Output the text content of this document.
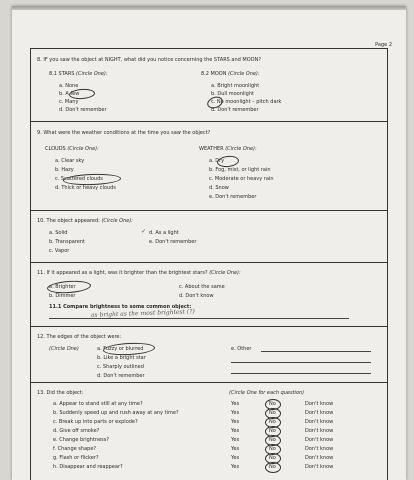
Page 2
8. IF you saw the object at NIGHT, what did you notice concerning the STARS and MOON?
8.1 STARS (Circle One):
a. None
b. A few
c. Many
d. Don't remember
8.2 MOON (Circle One):
a. Bright moonlight
b. Dull moonlight
c. No moonlight – pitch dark
d. Don't remember
9. What were the weather conditions at the time you saw the object?
CLOUDS (Circle One):
a. Clear sky
b. Hazy
c. Scattered clouds
d. Thick or heavy clouds
WEATHER (Circle One):
a. Dry
b. Fog, mist, or light rain
c. Moderate or heavy rain
d. Snow
e. Don't remember
10. The object appeared: (Circle One):
a. Solid
b. Transparent
c. Vapor
d. As a light
✓
e. Don't remember
11. If it appeared as a light, was it brighter than the brightest stars? (Circle One):
a. Brighter
b. Dimmer
c. About the same
d. Don't know
11.1 Compare brightness to some common object:
as bright as the most brightest (?)
12. The edges of the object were:
(Circle One)	a. Fuzzy or blurred
b. Like a bright star
c. Sharply outlined
d. Don't remember
e. Other
13. Did the object:	(Circle One for each question)
a. Appear to stand still at any time?	Yes	No	Don't know
b. Suddenly speed up and rush away at any time?	Yes	No	Don't know
c. Break up into parts or explode?	Yes	No	Don't know
d. Give off smoke?	Yes	No	Don't know
e. Change brightness?	Yes	No	Don't know
f. Change shape?	Yes	No	Don't know
g. Flash or flicker?	Yes	No	Don't know
h. Disappear and reappear?	Yes	No	Don't know
